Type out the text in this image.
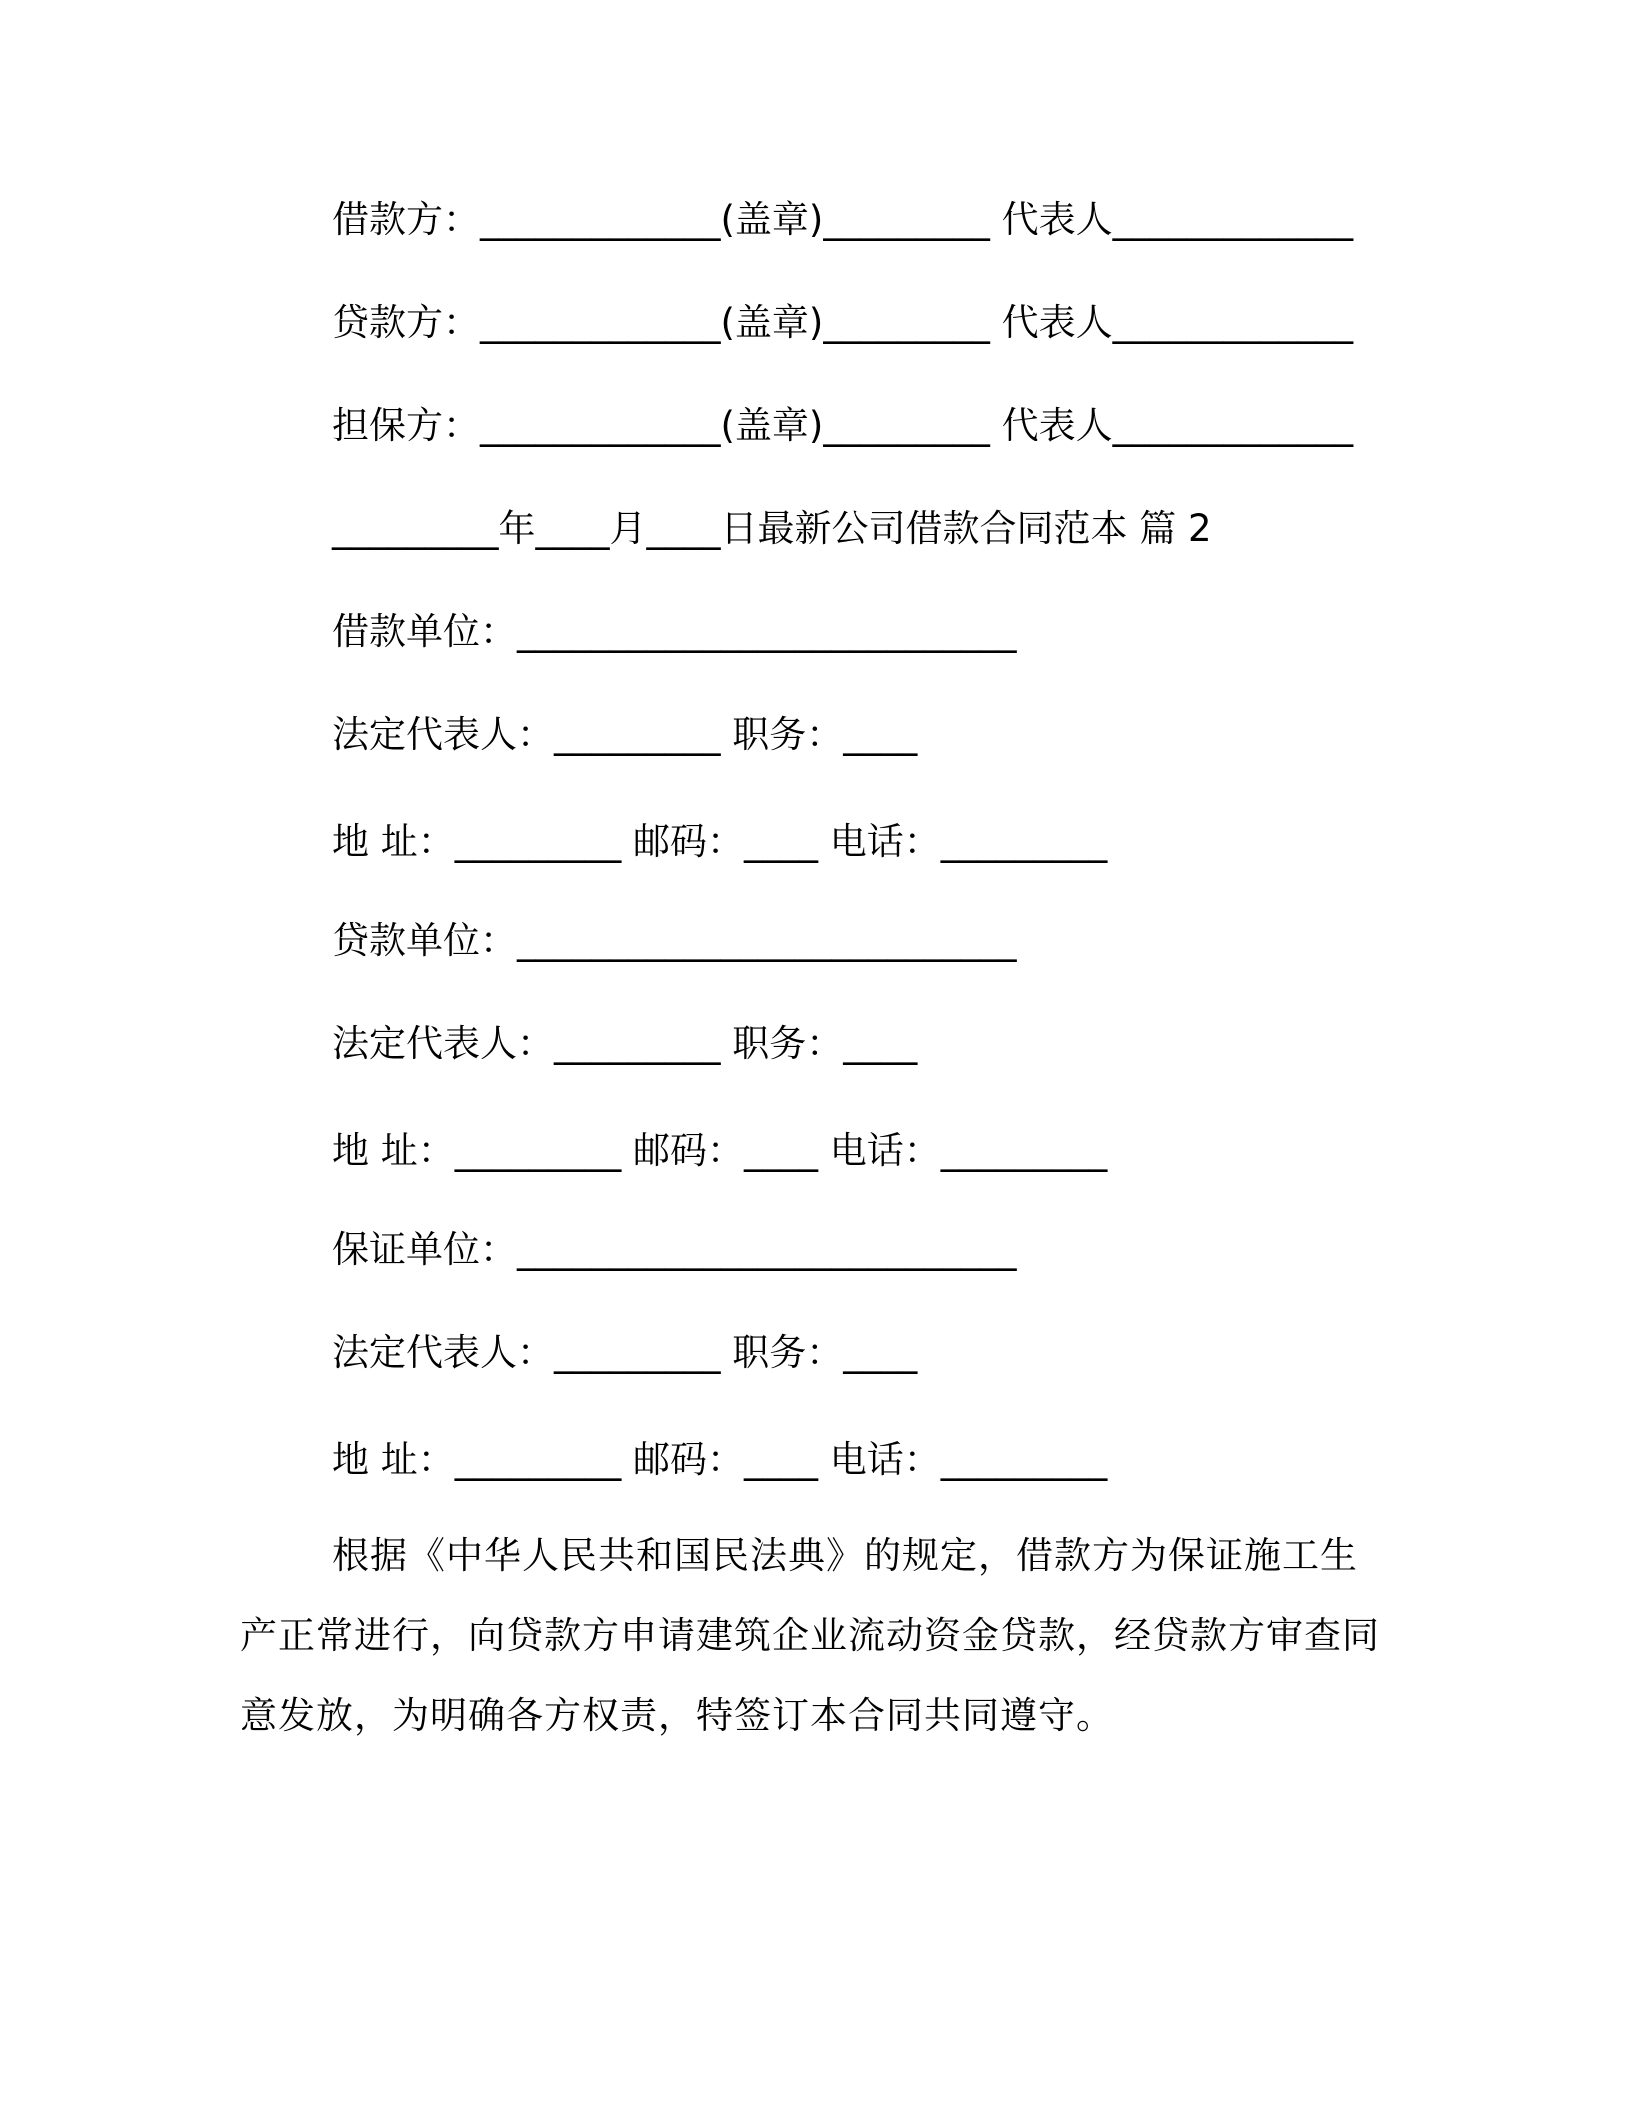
借款方：_____________(盖章)_________ 代表人_____________
贷款方：_____________(盖章)_________ 代表人_____________
担保方：_____________(盖章)_________ 代表人_____________
_________年____月____日最新公司借款合同范本 篇 2
借款单位：___________________________
法定代表人：_________ 职务：____
地 址：_________ 邮码：____ 电话：_________
贷款单位：___________________________
法定代表人：_________ 职务：____
地 址：_________ 邮码：____ 电话：_________
保证单位：___________________________
法定代表人：_________ 职务：____
地 址：_________ 邮码：____ 电话：_________
根据《中华人民共和国民法典》的规定，借款方为保证施工生产正常进行，向贷款方申请建筑企业流动资金贷款，经贷款方审查同意发放，为明确各方权责，特签订本合同共同遵守。
